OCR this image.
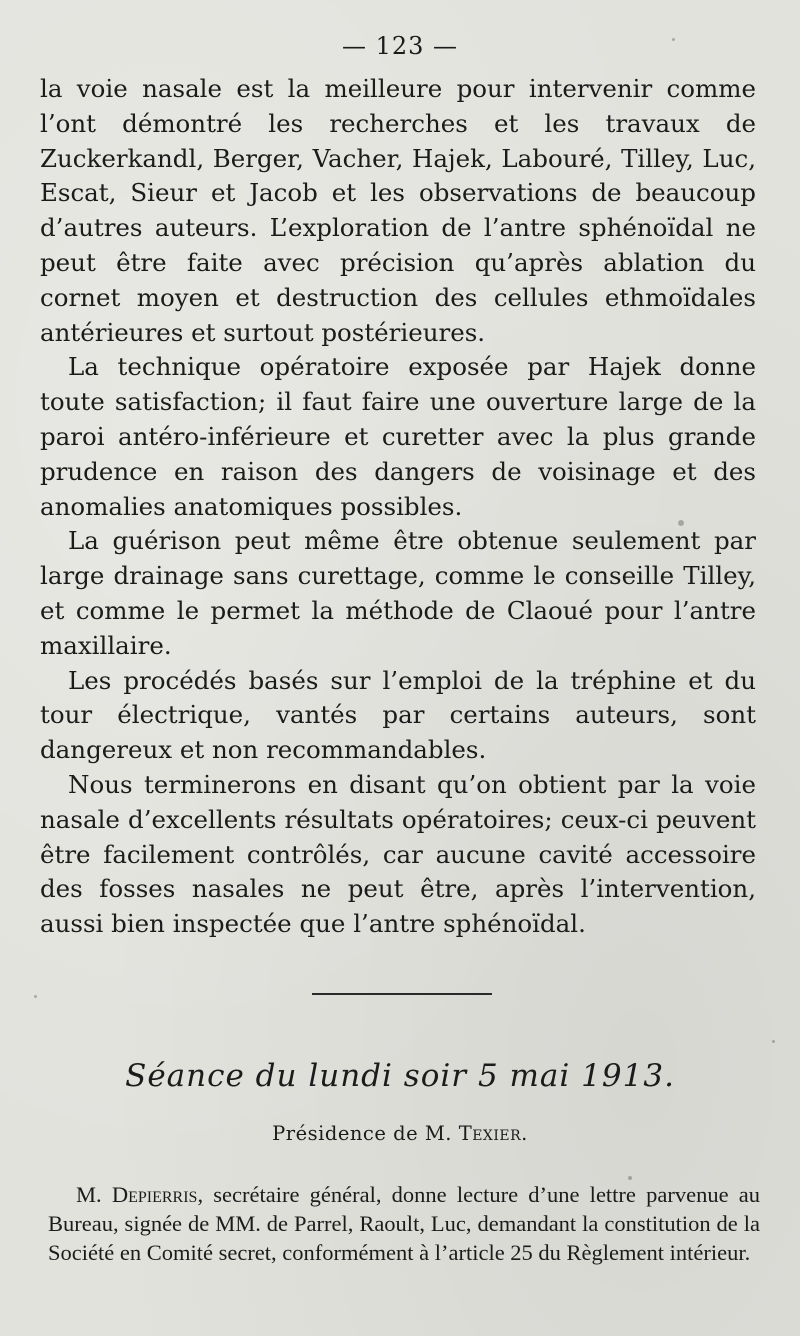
— 123 —

la voie nasale est la meilleure pour intervenir comme l’ont démontré les recherches et les travaux de Zuckerkandl, Berger, Vacher, Hajek, Labouré, Tilley, Luc, Escat, Sieur et Jacob et les observations de beaucoup d’autres auteurs. L’exploration de l’antre sphénoïdal ne peut être faite avec précision qu’après ablation du cornet moyen et destruction des cellules ethmoïdales antérieures et surtout postérieures.

La technique opératoire exposée par Hajek donne toute satisfaction; il faut faire une ouverture large de la paroi antéro-inférieure et curetter avec la plus grande prudence en raison des dangers de voisinage et des anomalies anatomiques possibles.

La guérison peut même être obtenue seulement par large drainage sans curettage, comme le conseille Tilley, et comme le permet la méthode de Claoué pour l’antre maxillaire.

Les procédés basés sur l’emploi de la tréphine et du tour électrique, vantés par certains auteurs, sont dangereux et non recommandables.

Nous terminerons en disant qu’on obtient par la voie nasale d’excellents résultats opératoires; ceux-ci peuvent être facilement contrôlés, car aucune cavité accessoire des fosses nasales ne peut être, après l’intervention, aussi bien inspectée que l’antre sphénoïdal.

Séance du lundi soir 5 mai 1913.
Présidence de M. Texier.

M. Depierris, secrétaire général, donne lecture d’une lettre parvenue au Bureau, signée de MM. de Parrel, Raoult, Luc, demandant la constitution de la Société en Comité secret, conformément à l’article 25 du Règlement intérieur.
